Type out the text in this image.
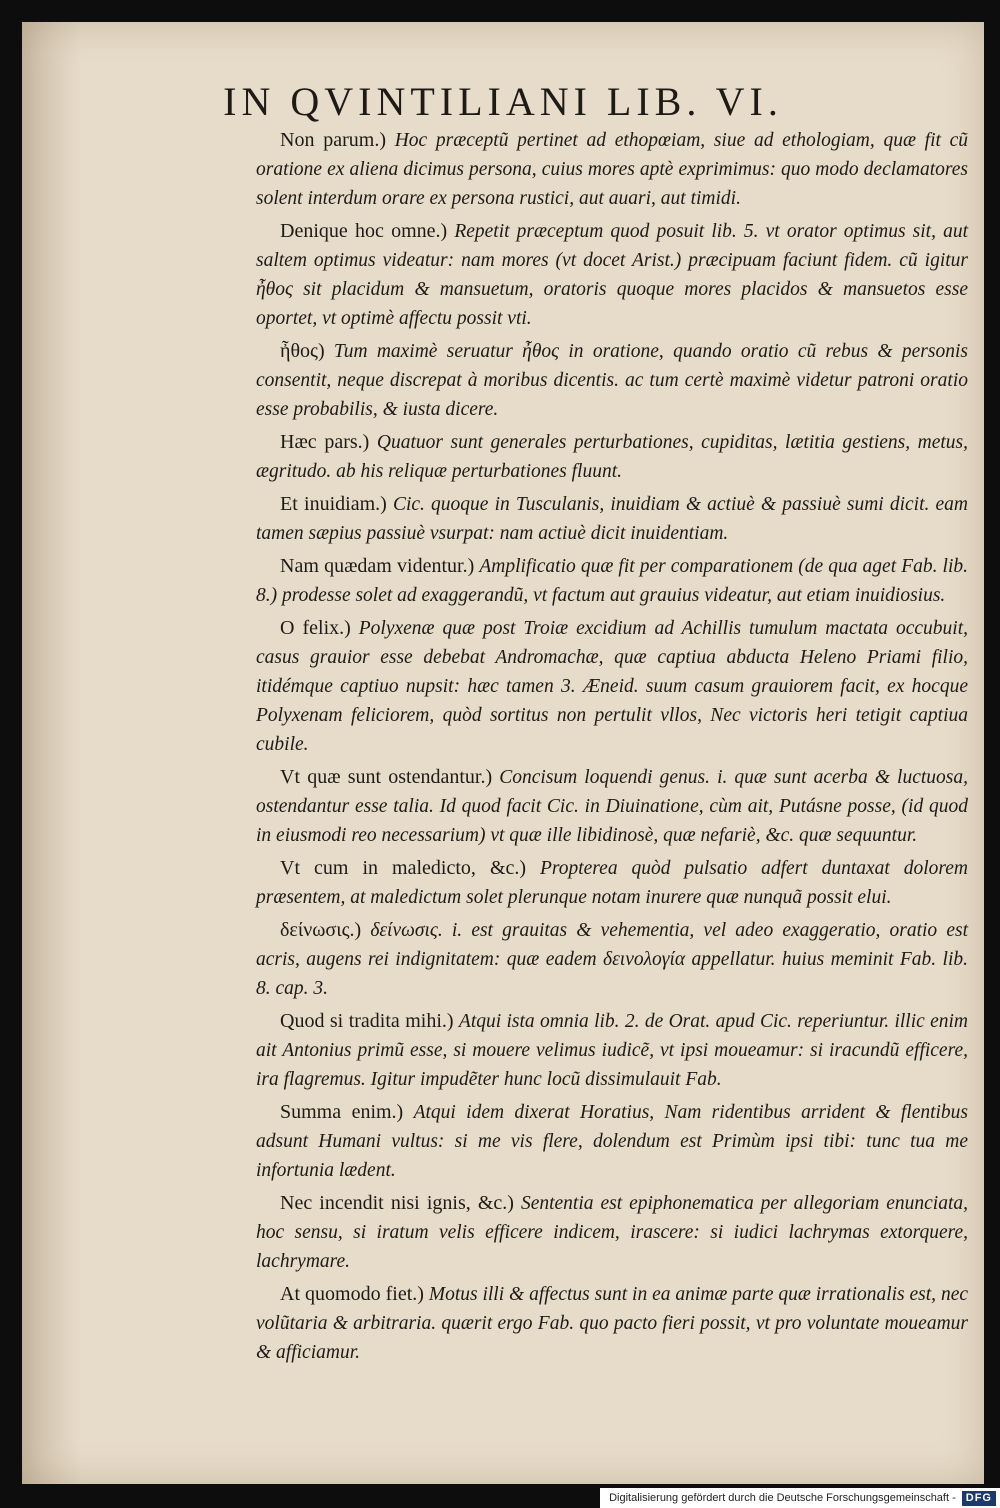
IN QVINTILIANI LIB. VI.

Non parum.) Hoc præceptũ pertinet ad ethopœiam, siue ad ethologiam, quæ fit cũ oratione ex aliena dicimus persona, cuius mores aptè exprimimus: quo modo declamatores solent interdum orare ex persona rustici, aut auari, aut timidi.

Denique hoc omne.) Repetit præceptum quod posuit lib. 5. vt orator optimus sit, aut saltem optimus videatur: nam mores (vt docet Arist.) præcipuam faciunt fidem. cũ igitur ἦθος sit placidum & mansuetum, oratoris quoque mores placidos & mansuetos esse oportet, vt optimè affectu possit vti.

ἦθος) Tum maximè seruatur ἦθος in oratione, quando oratio cũ rebus & personis consentit, neque discrepat à moribus dicentis. ac tum certè maximè videtur patroni oratio esse probabilis, & iusta dicere.

Hæc pars.) Quatuor sunt generales perturbationes, cupiditas, lætitia gestiens, metus, ægritudo. ab his reliquæ perturbationes fluunt.

Et inuidiam.) Cic. quoque in Tusculanis, inuidiam & actiuè & passiuè sumi dicit. eam tamen sæpius passiuè vsurpat: nam actiuè dicit inuidentiam.

Nam quædam videntur.) Amplificatio quæ fit per comparationem (de qua aget Fab. lib. 8.) prodesse solet ad exaggerandũ, vt factum aut grauius videatur, aut etiam inuidiosius.

O felix.) Polyxenæ quæ post Troiæ excidium ad Achillis tumulum mactata occubuit, casus grauior esse debebat Andromachæ, quæ captiua abducta Heleno Priami filio, itidémque captiuo nupsit: hæc tamen 3. Æneid. suum casum grauiorem facit, ex hocque Polyxenam feliciorem, quòd sortitus non pertulit vllos, Nec victoris heri tetigit captiua cubile.

Vt quæ sunt ostendantur.) Concisum loquendi genus. i. quæ sunt acerba & luctuosa, ostendantur esse talia. Id quod facit Cic. in Diuinatione, cùm ait, Putásne posse, (id quod in eiusmodi reo necessarium) vt quæ ille libidinosè, quæ nefariè, &c. quæ sequuntur.

Vt cum in maledicto, &c.) Propterea quòd pulsatio adfert duntaxat dolorem præsentem, at maledictum solet plerunque notam inurere quæ nunquã possit elui.

δείνωσις.) δείνωσις. i. est grauitas & vehementia, vel adeo exaggeratio, oratio est acris, augens rei indignitatem: quæ eadem δεινολογία appellatur. huius meminit Fab. lib. 8. cap. 3.

Quod si tradita mihi.) Atqui ista omnia lib. 2. de Orat. apud Cic. reperiuntur. illic enim ait Antonius primũ esse, si mouere velimus iudicẽ, vt ipsi moueamur: si iracundũ efficere, ira flagremus. Igitur impudẽter hunc locũ dissimulauit Fab.

Summa enim.) Atqui idem dixerat Horatius, Nam ridentibus arrident & flentibus adsunt Humani vultus: si me vis flere, dolendum est Primùm ipsi tibi: tunc tua me infortunia lædent.

Nec incendit nisi ignis, &c.) Sententia est epiphonematica per allegoriam enunciata, hoc sensu, si iratum velis efficere indicem, irascere: si iudici lachrymas extorquere, lachrymare.

At quomodo fiet.) Motus illi & affectus sunt in ea animæ parte quæ irrationalis est, nec volũtaria & arbitraria. quærit ergo Fab. quo pacto fieri possit, vt pro voluntate moueamur & afficiamur.

Digitalisierung gefördert durch die Deutsche Forschungsgemeinschaft - DFG
